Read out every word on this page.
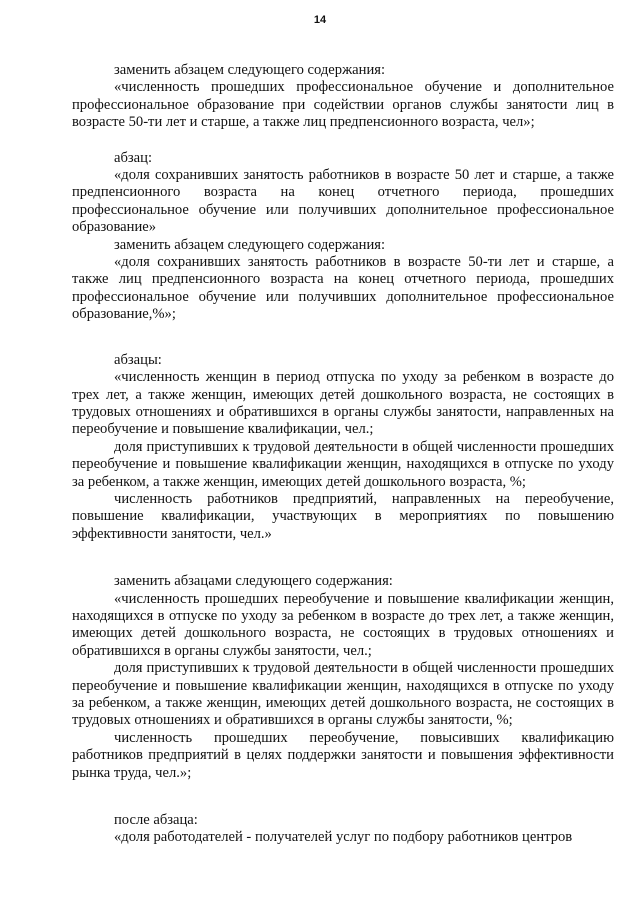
14

заменить абзацем следующего содержания:

«численность прошедших профессиональное обучение и дополнительное профессиональное образование при содействии органов службы занятости лиц в возрасте 50-ти лет и старше, а также лиц предпенсионного возраста, чел»;

абзац:

«доля сохранивших занятость работников в возрасте 50 лет и старше, а также предпенсионного возраста на конец отчетного периода, прошедших профессиональное обучение или получивших дополнительное профессиональное образование»

заменить абзацем следующего содержания:

«доля сохранивших занятость работников в возрасте 50-ти лет и старше, а также лиц предпенсионного возраста на конец отчетного периода, прошедших профессиональное обучение или получивших дополнительное профессиональное образование,%»;

абзацы:

«численность женщин в период отпуска по уходу за ребенком в возрасте до трех лет, а также женщин, имеющих детей дошкольного возраста, не состоящих в трудовых отношениях и обратившихся в органы службы занятости, направленных на переобучение и повышение квалификации, чел.;

доля приступивших к трудовой деятельности в общей численности прошедших переобучение и повышение квалификации женщин, находящихся в отпуске по уходу за ребенком, а также женщин, имеющих детей дошкольного возраста, %;

численность работников предприятий, направленных на переобучение, повышение квалификации, участвующих в мероприятиях по повышению эффективности занятости, чел.»

заменить абзацами следующего содержания:

«численность прошедших переобучение и повышение квалификации женщин, находящихся в отпуске по уходу за ребенком в возрасте до трех лет, а также женщин, имеющих детей дошкольного возраста, не состоящих в трудовых отношениях и обратившихся в органы службы занятости, чел.;

доля приступивших к трудовой деятельности в общей численности прошедших переобучение и повышение квалификации женщин, находящихся в отпуске по уходу за ребенком, а также женщин, имеющих детей дошкольного возраста, не состоящих в трудовых отношениях и обратившихся в органы службы занятости, %;

численность прошедших переобучение, повысивших квалификацию работников предприятий в целях поддержки занятости и повышения эффективности рынка труда, чел.»;

после абзаца:

«доля работодателей - получателей услуг по подбору работников центров
